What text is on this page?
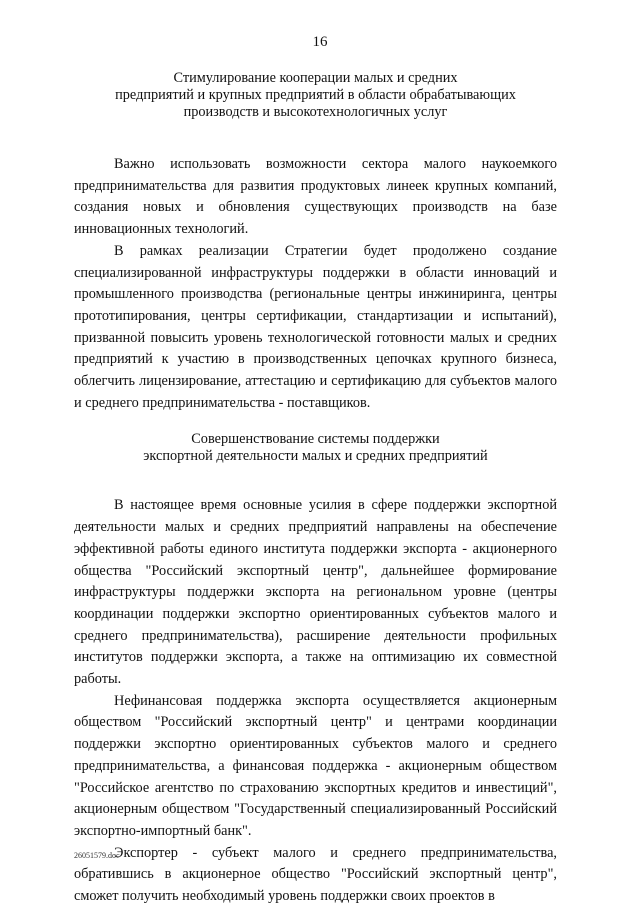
16
Стимулирование кооперации малых и средних
предприятий и крупных предприятий в области обрабатывающих
производств и высокотехнологичных услуг

Важно использовать возможности сектора малого наукоемкого предпринимательства для развития продуктовых линеек крупных компаний, создания новых и обновления существующих производств на базе инновационных технологий.

В рамках реализации Стратегии будет продолжено создание специализированной инфраструктуры поддержки в области инноваций и промышленного производства (региональные центры инжиниринга, центры прототипирования, центры сертификации, стандартизации и испытаний), призванной повысить уровень технологической готовности малых и средних предприятий к участию в производственных цепочках крупного бизнеса, облегчить лицензирование, аттестацию и сертификацию для субъектов малого и среднего предпринимательства - поставщиков.

Совершенствование системы поддержки
экспортной деятельности малых и средних предприятий

В настоящее время основные усилия в сфере поддержки экспортной деятельности малых и средних предприятий направлены на обеспечение эффективной работы единого института поддержки экспорта - акционерного общества "Российский экспортный центр", дальнейшее формирование инфраструктуры поддержки экспорта на региональном уровне (центры координации поддержки экспортно ориентированных субъектов малого и среднего предпринимательства), расширение деятельности профильных институтов поддержки экспорта, а также на оптимизацию их совместной работы.

Нефинансовая поддержка экспорта осуществляется акционерным обществом "Российский экспортный центр" и центрами координации поддержки экспортно ориентированных субъектов малого и среднего предпринимательства, а финансовая поддержка - акционерным обществом "Российское агентство по страхованию экспортных кредитов и инвестиций", акционерным обществом "Государственный специализированный Российский экспортно-импортный банк".

Экспортер - субъект малого и среднего предпринимательства, обратившись в акционерное общество "Российский экспортный центр", сможет получить необходимый уровень поддержки своих проектов в

26051579.doc
